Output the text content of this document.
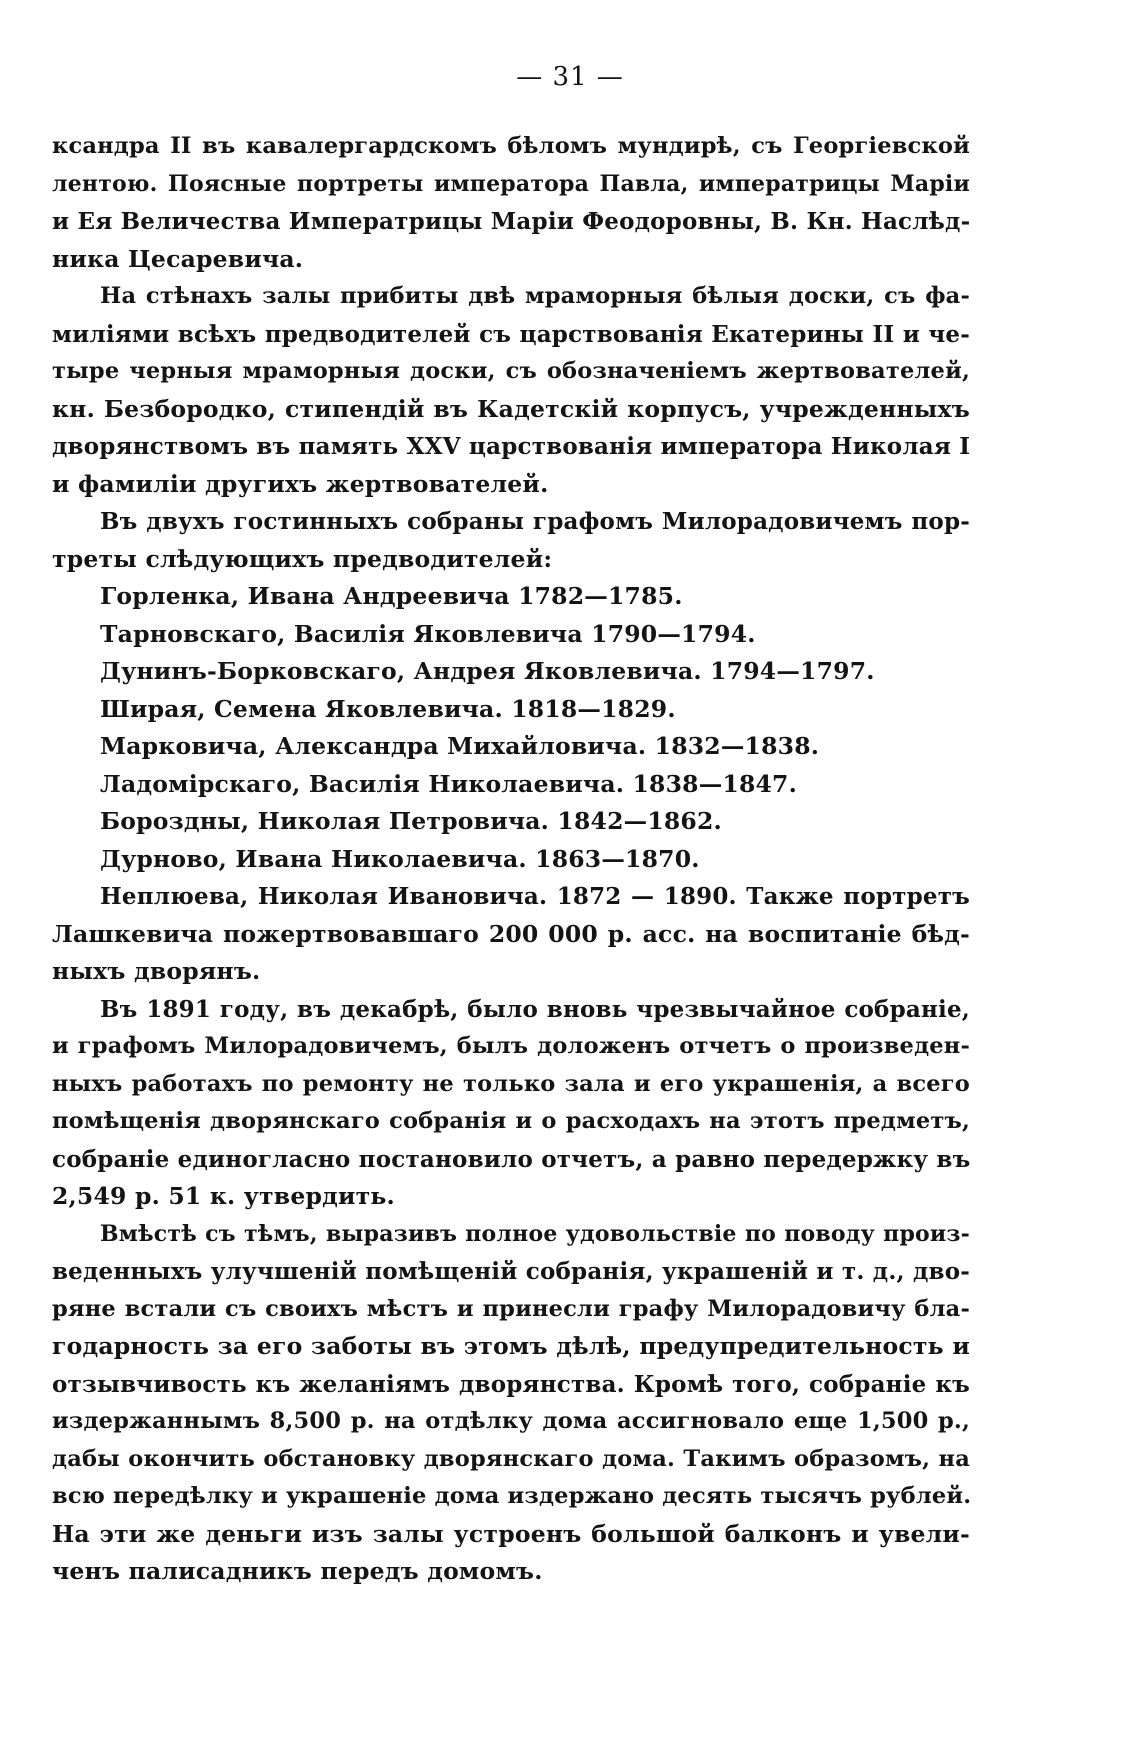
— 31 —
ксандра II въ кавалергардскомъ бѣломъ мундирѣ, съ Георгіевской
лентою. Поясные портреты императора Павла, императрицы Маріи
и Ея Величества Императрицы Маріи Феодоровны, В. Кн. Наслѣд-
ника Цесаревича.
На стѣнахъ залы прибиты двѣ мраморныя бѣлыя доски, съ фа-
миліями всѣхъ предводителей съ царствованія Екатерины II и че-
тыре черныя мраморныя доски, съ обозначеніемъ жертвователей,
кн. Безбородко, стипендій въ Кадетскій корпусъ, учрежденныхъ
дворянствомъ въ память XXV царствованія императора Николая I
и фамиліи другихъ жертвователей.
Въ двухъ гостинныхъ собраны графомъ Милорадовичемъ пор-
треты слѣдующихъ предводителей:
Горленка, Ивана Андреевича 1782—1785.
Тарновскаго, Василія Яковлевича 1790—1794.
Дунинъ-Борковскаго, Андрея Яковлевича. 1794—1797.
Ширая, Семена Яковлевича. 1818—1829.
Марковича, Александра Михайловича. 1832—1838.
Ладомірскаго, Василія Николаевича. 1838—1847.
Бороздны, Николая Петровича. 1842—1862.
Дурново, Ивана Николаевича. 1863—1870.
Неплюева, Николая Ивановича. 1872 — 1890. Также портретъ
Лашкевича пожертвовавшаго 200 000 р. асс. на воспитаніе бѣд-
ныхъ дворянъ.
Въ 1891 году, въ декабрѣ, было вновь чрезвычайное собраніе,
и графомъ Милорадовичемъ, былъ доложенъ отчетъ о произведен-
ныхъ работахъ по ремонту не только зала и его украшенія, а всего
помѣщенія дворянскаго собранія и о расходахъ на этотъ предметъ,
собраніе единогласно постановило отчетъ, а равно передержку въ
2,549 р. 51 к. утвердить.
Вмѣстѣ съ тѣмъ, выразивъ полное удовольствіе по поводу произ-
веденныхъ улучшеній помѣщеній собранія, украшеній и т. д., дво-
ряне встали съ своихъ мѣстъ и принесли графу Милорадовичу бла-
годарность за его заботы въ этомъ дѣлѣ, предупредительность и
отзывчивость къ желаніямъ дворянства. Кромѣ того, собраніе къ
издержаннымъ 8,500 р. на отдѣлку дома ассигновало еще 1,500 р.,
дабы окончить обстановку дворянскаго дома. Такимъ образомъ, на
всю передѣлку и украшеніе дома издержано десять тысячъ рублей.
На эти же деньги изъ залы устроенъ большой балконъ и увели-
ченъ палисадникъ передъ домомъ.
